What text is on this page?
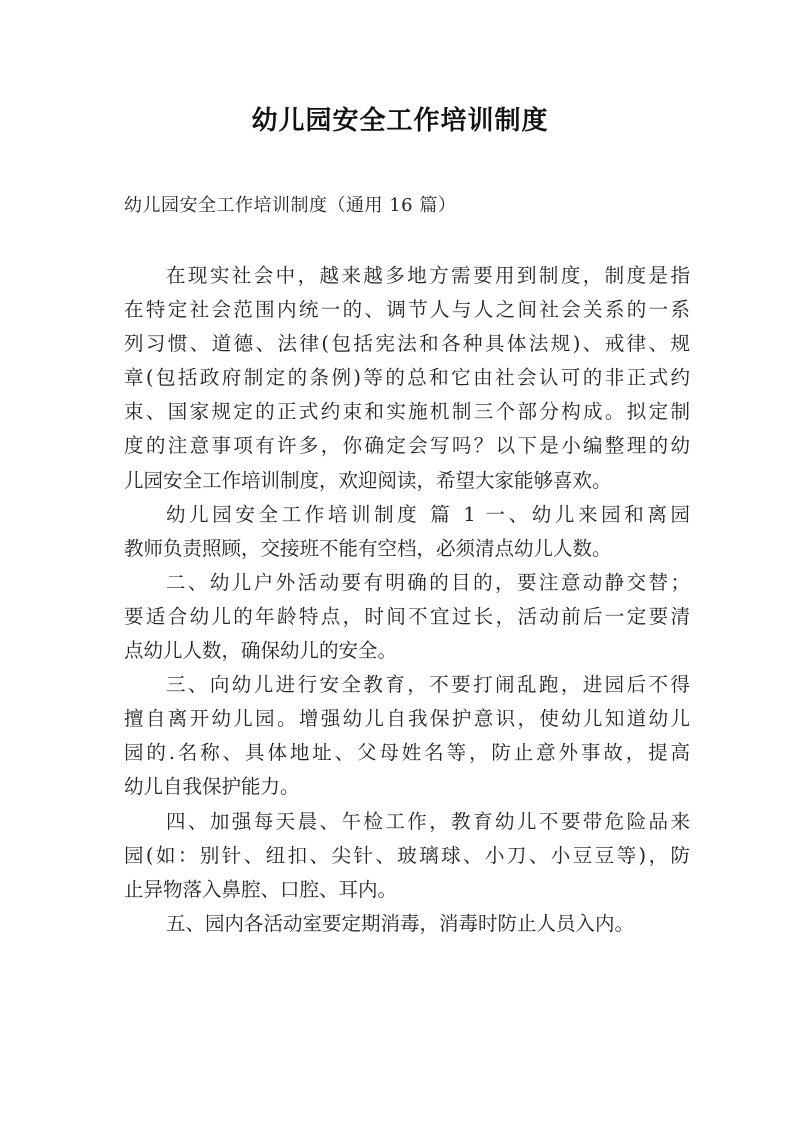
幼儿园安全工作培训制度
幼儿园安全工作培训制度（通用 16 篇）
在现实社会中，越来越多地方需要用到制度，制度是指
在特定社会范围内统一的、调节人与人之间社会关系的一系
列习惯、道德、法律(包括宪法和各种具体法规)、戒律、规
章(包括政府制定的条例)等的总和它由社会认可的非正式约
束、国家规定的正式约束和实施机制三个部分构成。拟定制
度的注意事项有许多，你确定会写吗？以下是小编整理的幼
儿园安全工作培训制度，欢迎阅读，希望大家能够喜欢。
幼儿园安全工作培训制度 篇 1 一、幼儿来园和离园
教师负责照顾，交接班不能有空档，必须清点幼儿人数。
二、幼儿户外活动要有明确的目的，要注意动静交替；
要适合幼儿的年龄特点，时间不宜过长，活动前后一定要清
点幼儿人数，确保幼儿的安全。
三、向幼儿进行安全教育，不要打闹乱跑，进园后不得
擅自离开幼儿园。增强幼儿自我保护意识，使幼儿知道幼儿
园的.名称、具体地址、父母姓名等，防止意外事故，提高
幼儿自我保护能力。
四、加强每天晨、午检工作，教育幼儿不要带危险品来
园(如：别针、纽扣、尖针、玻璃球、小刀、小豆豆等)，防
止异物落入鼻腔、口腔、耳内。
五、园内各活动室要定期消毒，消毒时防止人员入内。
